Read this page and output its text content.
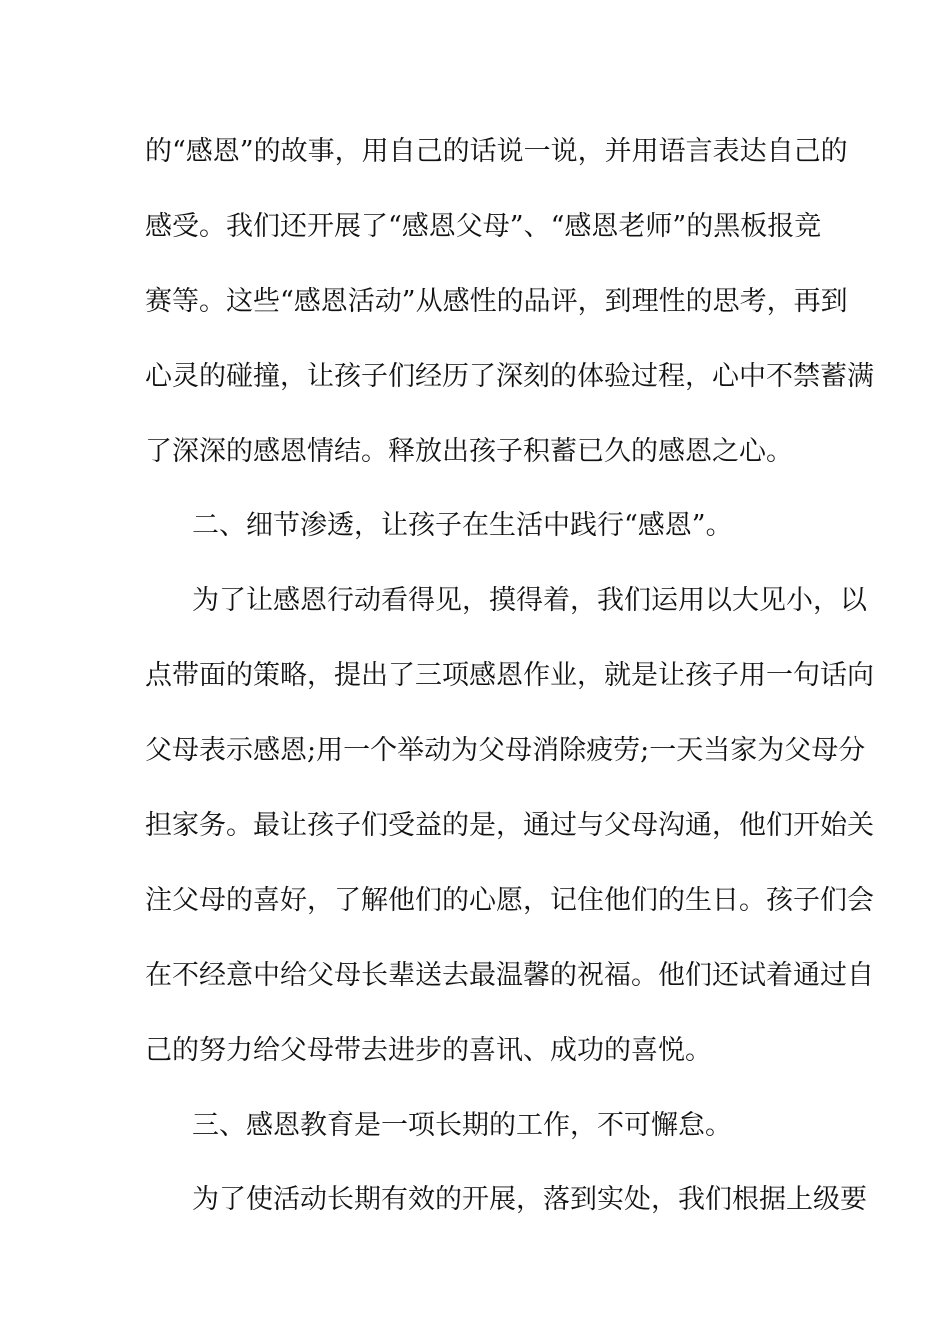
的“感恩”的故事，用自己的话说一说，并用语言表达自己的
感受。我们还开展了“感恩父母”、“感恩老师”的黑板报竞
赛等。这些“感恩活动”从感性的品评，到理性的思考，再到
心灵的碰撞，让孩子们经历了深刻的体验过程，心中不禁蓄满
了深深的感恩情结。释放出孩子积蓄已久的感恩之心。
二、细节渗透，让孩子在生活中践行“感恩”。
为了让感恩行动看得见，摸得着，我们运用以大见小，以
点带面的策略，提出了三项感恩作业，就是让孩子用一句话向
父母表示感恩;用一个举动为父母消除疲劳;一天当家为父母分
担家务。最让孩子们受益的是，通过与父母沟通，他们开始关
注父母的喜好，了解他们的心愿，记住他们的生日。孩子们会
在不经意中给父母长辈送去最温馨的祝福。他们还试着通过自
己的努力给父母带去进步的喜讯、成功的喜悦。
三、感恩教育是一项长期的工作，不可懈怠。
为了使活动长期有效的开展，落到实处，我们根据上级要
